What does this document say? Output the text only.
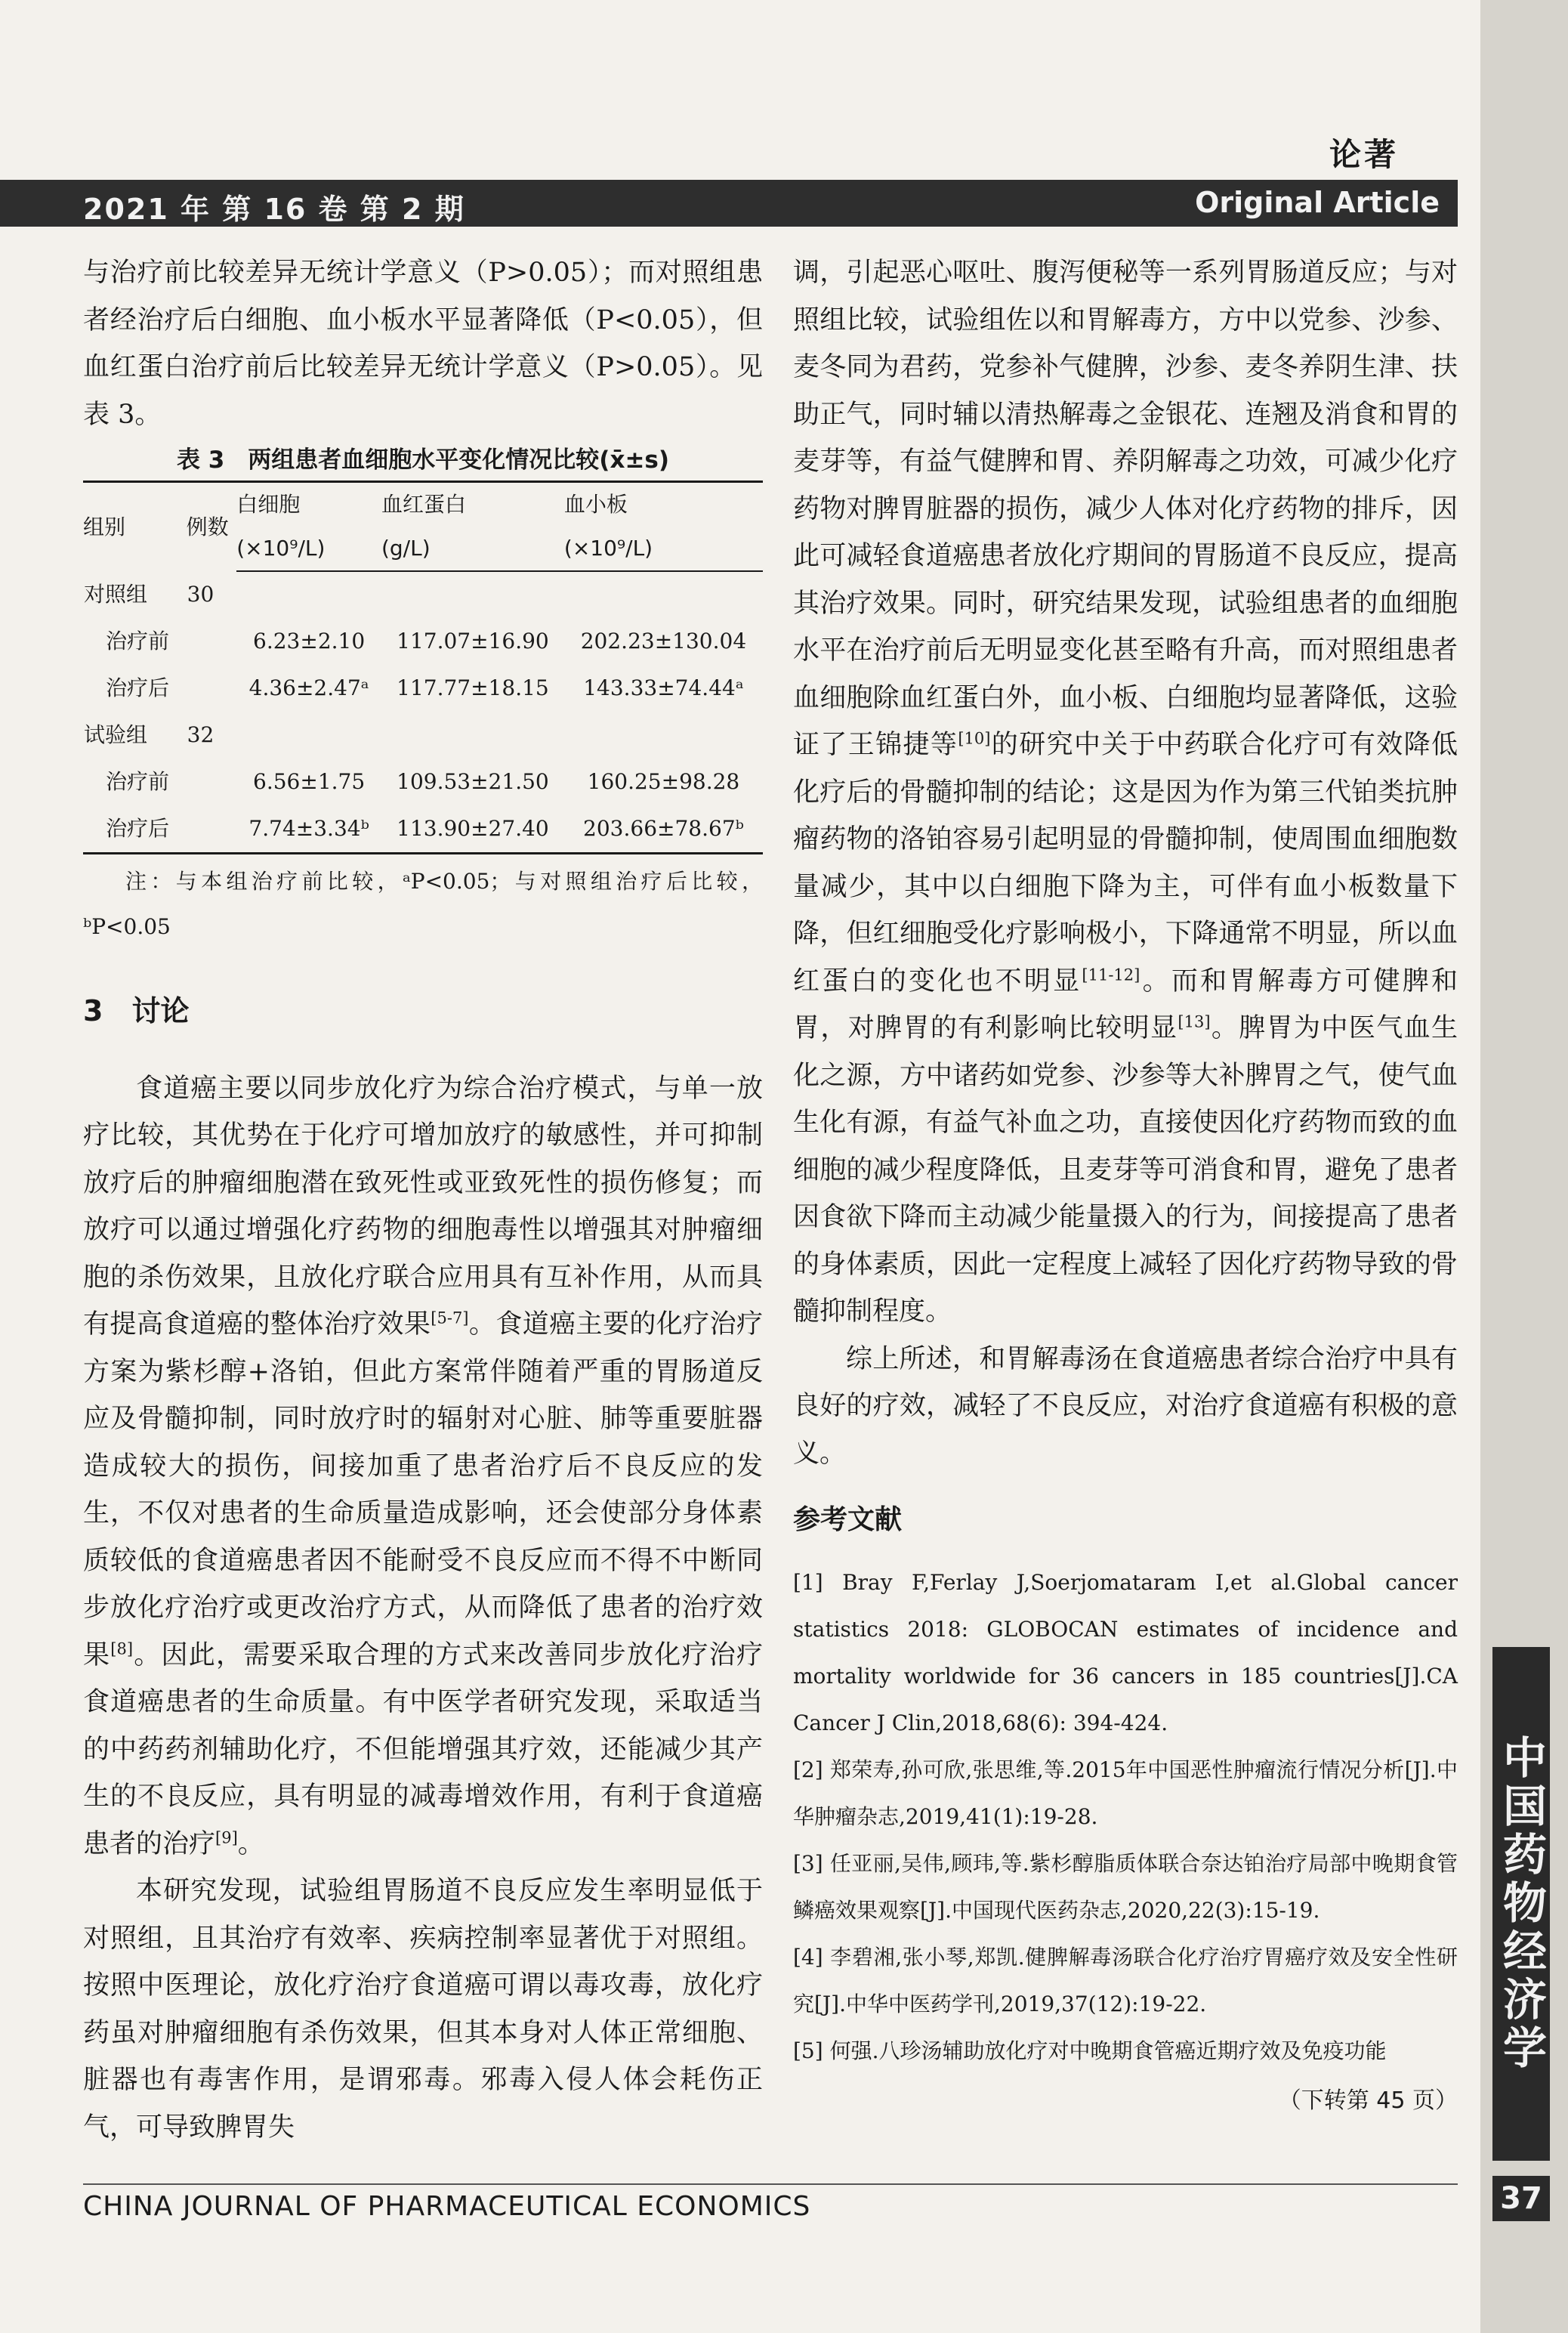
论著
2021 年 第 16 卷 第 2 期	Original Article

与治疗前比较差异无统计学意义（P>0.05）；而对照组患者经治疗后白细胞、血小板水平显著降低（P<0.05），但血红蛋白治疗前后比较差异无统计学意义（P>0.05）。见表 3。

表 3　两组患者血细胞水平变化情况比较(x̄±s)
组别	例数	白细胞	血红蛋白	血小板
		(×10⁹/L)	(g/L)	(×10⁹/L)
对照组	30			
治疗前		6.23±2.10	117.07±16.90	202.23±130.04
治疗后		4.36±2.47ᵃ	117.77±18.15	143.33±74.44ᵃ
试验组	32			
治疗前		6.56±1.75	109.53±21.50	160.25±98.28
治疗后		7.74±3.34ᵇ	113.90±27.40	203.66±78.67ᵇ
注：与本组治疗前比较，ᵃP<0.05；与对照组治疗后比较，ᵇP<0.05
3　讨论

食道癌主要以同步放化疗为综合治疗模式，与单一放疗比较，其优势在于化疗可增加放疗的敏感性，并可抑制放疗后的肿瘤细胞潜在致死性或亚致死性的损伤修复；而放疗可以通过增强化疗药物的细胞毒性以增强其对肿瘤细胞的杀伤效果，且放化疗联合应用具有互补作用，从而具有提高食道癌的整体治疗效果[5-7]。食道癌主要的化疗治疗方案为紫杉醇+洛铂，但此方案常伴随着严重的胃肠道反应及骨髓抑制，同时放疗时的辐射对心脏、肺等重要脏器造成较大的损伤，间接加重了患者治疗后不良反应的发生，不仅对患者的生命质量造成影响，还会使部分身体素质较低的食道癌患者因不能耐受不良反应而不得不中断同步放化疗治疗或更改治疗方式，从而降低了患者的治疗效果[8]。因此，需要采取合理的方式来改善同步放化疗治疗食道癌患者的生命质量。有中医学者研究发现，采取适当的中药药剂辅助化疗，不但能增强其疗效，还能减少其产生的不良反应，具有明显的减毒增效作用，有利于食道癌患者的治疗[9]。

本研究发现，试验组胃肠道不良反应发生率明显低于对照组，且其治疗有效率、疾病控制率显著优于对照组。按照中医理论，放化疗治疗食道癌可谓以毒攻毒，放化疗药虽对肿瘤细胞有杀伤效果，但其本身对人体正常细胞、脏器也有毒害作用，是谓邪毒。邪毒入侵人体会耗伤正气，可导致脾胃失

调，引起恶心呕吐、腹泻便秘等一系列胃肠道反应；与对照组比较，试验组佐以和胃解毒方，方中以党参、沙参、麦冬同为君药，党参补气健脾，沙参、麦冬养阴生津、扶助正气，同时辅以清热解毒之金银花、连翘及消食和胃的麦芽等，有益气健脾和胃、养阴解毒之功效，可减少化疗药物对脾胃脏器的损伤，减少人体对化疗药物的排斥，因此可减轻食道癌患者放化疗期间的胃肠道不良反应，提高其治疗效果。同时，研究结果发现，试验组患者的血细胞水平在治疗前后无明显变化甚至略有升高，而对照组患者血细胞除血红蛋白外，血小板、白细胞均显著降低，这验证了王锦捷等[10]的研究中关于中药联合化疗可有效降低化疗后的骨髓抑制的结论；这是因为作为第三代铂类抗肿瘤药物的洛铂容易引起明显的骨髓抑制，使周围血细胞数量减少，其中以白细胞下降为主，可伴有血小板数量下降，但红细胞受化疗影响极小，下降通常不明显，所以血红蛋白的变化也不明显[11-12]。而和胃解毒方可健脾和胃，对脾胃的有利影响比较明显[13]。脾胃为中医气血生化之源，方中诸药如党参、沙参等大补脾胃之气，使气血生化有源，有益气补血之功，直接使因化疗药物而致的血细胞的减少程度降低，且麦芽等可消食和胃，避免了患者因食欲下降而主动减少能量摄入的行为，间接提高了患者的身体素质，因此一定程度上减轻了因化疗药物导致的骨髓抑制程度。

综上所述，和胃解毒汤在食道癌患者综合治疗中具有良好的疗效，减轻了不良反应，对治疗食道癌有积极的意义。

参考文献
[1] Bray F,Ferlay J,Soerjomataram I,et al.Global cancer statistics 2018: GLOBOCAN estimates of incidence and mortality worldwide for 36 cancers in 185 countries[J].CA Cancer J Clin,2018,68(6): 394-424.
[2] 郑荣寿,孙可欣,张思维,等.2015年中国恶性肿瘤流行情况分析[J].中华肿瘤杂志,2019,41(1):19-28.
[3] 任亚丽,吴伟,顾玮,等.紫杉醇脂质体联合奈达铂治疗局部中晚期食管鳞癌效果观察[J].中国现代医药杂志,2020,22(3):15-19.
[4] 李碧湘,张小琴,郑凯.健脾解毒汤联合化疗治疗胃癌疗效及安全性研究[J].中华中医药学刊,2019,37(12):19-22.
[5] 何强.八珍汤辅助放化疗对中晚期食管癌近期疗效及免疫功能
（下转第 45 页）
CHINA JOURNAL OF PHARMACEUTICAL ECONOMICS
中国药物经济学
37
